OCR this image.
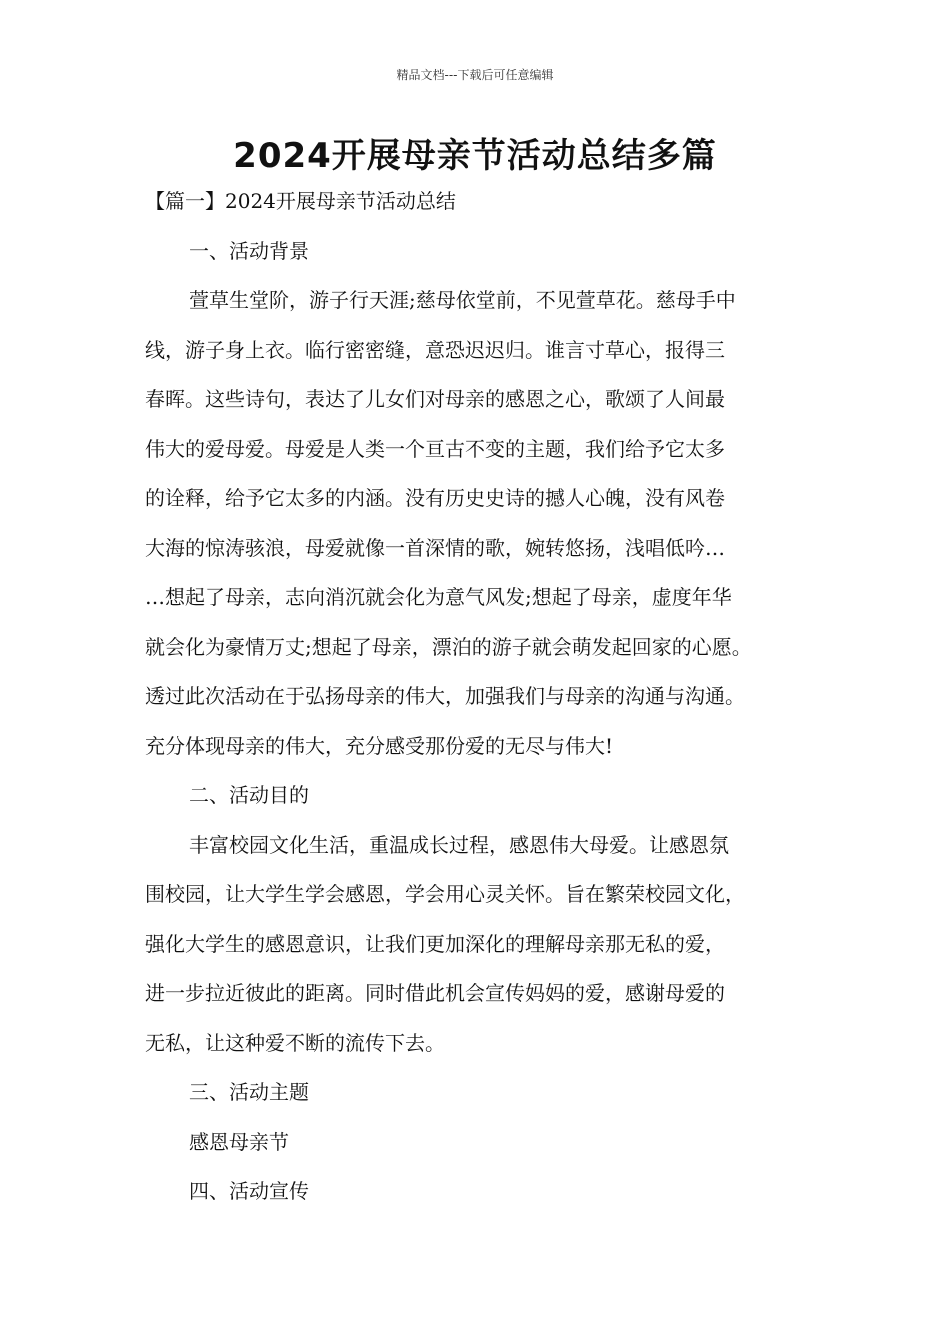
精品文档---下载后可任意编辑
2024开展母亲节活动总结多篇
【篇一】2024开展母亲节活动总结
一、活动背景
萱草生堂阶，游子行天涯;慈母依堂前，不见萱草花。慈母手中
线，游子身上衣。临行密密缝，意恐迟迟归。谁言寸草心，报得三
春晖。这些诗句，表达了儿女们对母亲的感恩之心，歌颂了人间最
伟大的爱母爱。母爱是人类一个亘古不变的主题，我们给予它太多
的诠释，给予它太多的内涵。没有历史史诗的撼人心魄，没有风卷
大海的惊涛骇浪，母爱就像一首深情的歌，婉转悠扬，浅唱低吟…
…想起了母亲，志向消沉就会化为意气风发;想起了母亲，虚度年华
就会化为豪情万丈;想起了母亲，漂泊的游子就会萌发起回家的心愿。
透过此次活动在于弘扬母亲的伟大，加强我们与母亲的沟通与沟通。
充分体现母亲的伟大，充分感受那份爱的无尽与伟大!
二、活动目的
丰富校园文化生活，重温成长过程，感恩伟大母爱。让感恩氛
围校园，让大学生学会感恩，学会用心灵关怀。旨在繁荣校园文化，
强化大学生的感恩意识，让我们更加深化的理解母亲那无私的爱，
进一步拉近彼此的距离。同时借此机会宣传妈妈的爱，感谢母爱的
无私，让这种爱不断的流传下去。
三、活动主题
感恩母亲节
四、活动宣传
